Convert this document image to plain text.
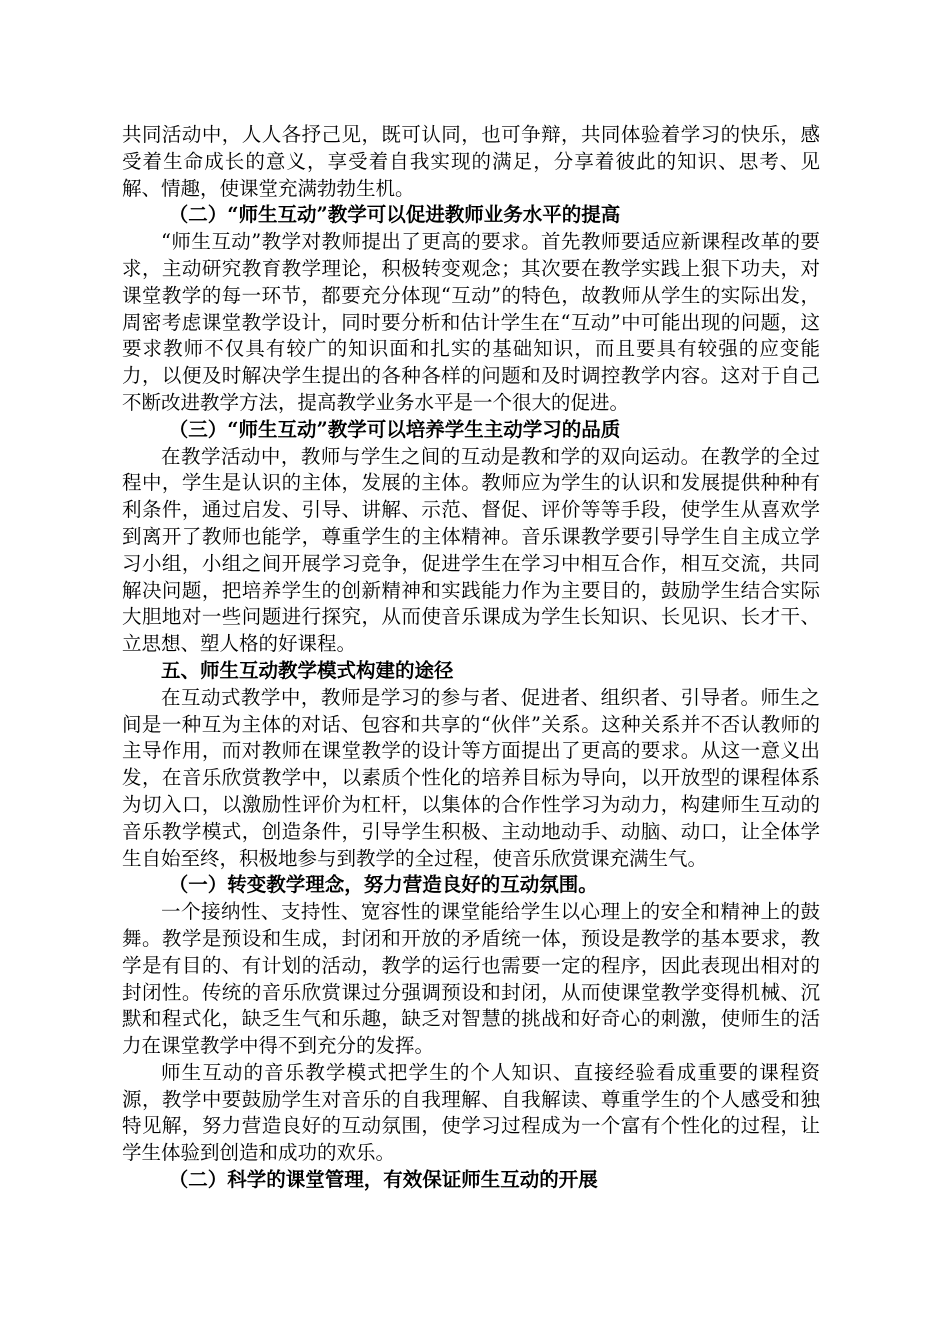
共同活动中，人人各抒己见，既可认同，也可争辩，共同体验着学习的快乐，感受着生命成长的意义，享受着自我实现的满足，分享着彼此的知识、思考、见解、情趣，使课堂充满勃勃生机。

（二）“师生互动”教学可以促进教师业务水平的提高

“师生互动”教学对教师提出了更高的要求。首先教师要适应新课程改革的要求，主动研究教育教学理论，积极转变观念；其次要在教学实践上狠下功夫，对课堂教学的每一环节，都要充分体现“互动”的特色，故教师从学生的实际出发，周密考虑课堂教学设计，同时要分析和估计学生在“互动”中可能出现的问题，这要求教师不仅具有较广的知识面和扎实的基础知识，而且要具有较强的应变能力，以便及时解决学生提出的各种各样的问题和及时调控教学内容。这对于自己不断改进教学方法，提高教学业务水平是一个很大的促进。

（三）“师生互动”教学可以培养学生主动学习的品质

在教学活动中，教师与学生之间的互动是教和学的双向运动。在教学的全过程中，学生是认识的主体，发展的主体。教师应为学生的认识和发展提供种种有利条件，通过启发、引导、讲解、示范、督促、评价等等手段，使学生从喜欢学到离开了教师也能学，尊重学生的主体精神。音乐课教学要引导学生自主成立学习小组，小组之间开展学习竞争，促进学生在学习中相互合作，相互交流，共同解决问题，把培养学生的创新精神和实践能力作为主要目的，鼓励学生结合实际大胆地对一些问题进行探究，从而使音乐课成为学生长知识、长见识、长才干、立思想、塑人格的好课程。

五、师生互动教学模式构建的途径

在互动式教学中，教师是学习的参与者、促进者、组织者、引导者。师生之间是一种互为主体的对话、包容和共享的“伙伴”关系。这种关系并不否认教师的主导作用，而对教师在课堂教学的设计等方面提出了更高的要求。从这一意义出发，在音乐欣赏教学中，以素质个性化的培养目标为导向，以开放型的课程体系为切入口，以激励性评价为杠杆，以集体的合作性学习为动力，构建师生互动的音乐教学模式，创造条件，引导学生积极、主动地动手、动脑、动口，让全体学生自始至终，积极地参与到教学的全过程，使音乐欣赏课充满生气。

（一）转变教学理念，努力营造良好的互动氛围。

一个接纳性、支持性、宽容性的课堂能给学生以心理上的安全和精神上的鼓舞。教学是预设和生成，封闭和开放的矛盾统一体，预设是教学的基本要求，教学是有目的、有计划的活动，教学的运行也需要一定的程序，因此表现出相对的封闭性。传统的音乐欣赏课过分强调预设和封闭，从而使课堂教学变得机械、沉默和程式化，缺乏生气和乐趣，缺乏对智慧的挑战和好奇心的刺激，使师生的活力在课堂教学中得不到充分的发挥。

师生互动的音乐教学模式把学生的个人知识、直接经验看成重要的课程资源，教学中要鼓励学生对音乐的自我理解、自我解读、尊重学生的个人感受和独特见解，努力营造良好的互动氛围，使学习过程成为一个富有个性化的过程，让学生体验到创造和成功的欢乐。

（二）科学的课堂管理，有效保证师生互动的开展
